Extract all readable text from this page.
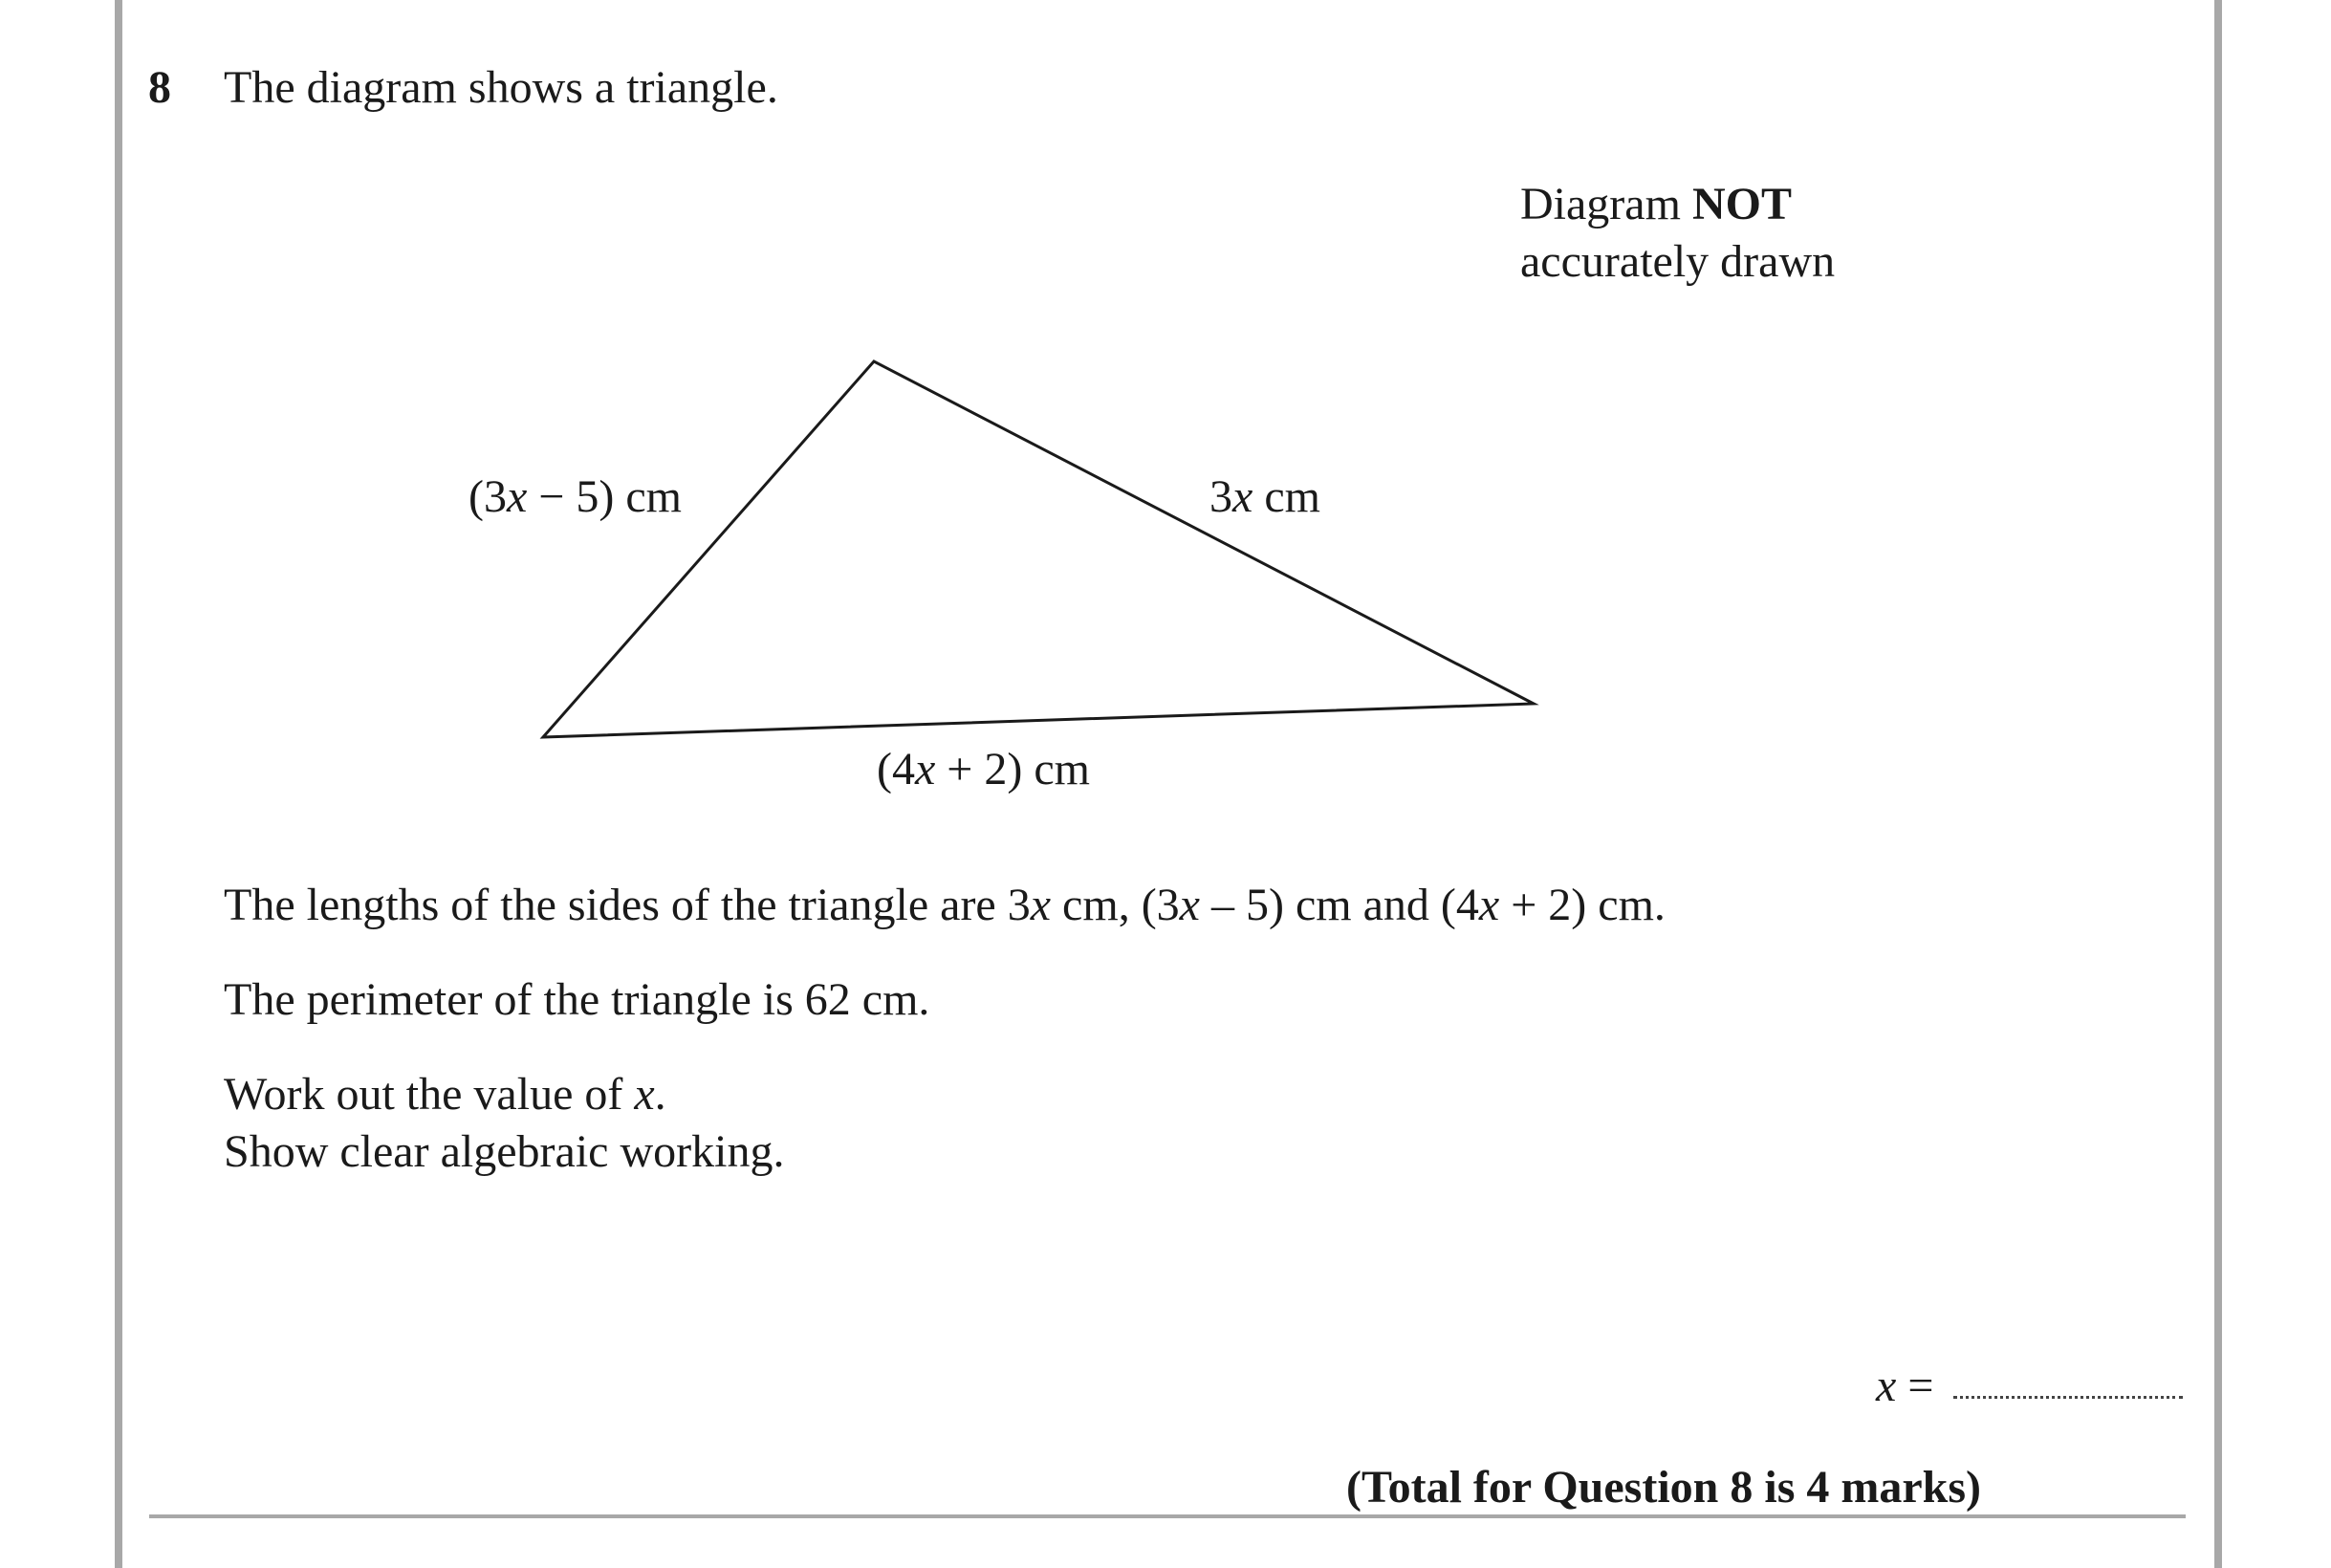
8 The diagram shows a triangle.
Diagram NOT
accurately drawn
(3x − 5) cm	3x cm
(4x + 2) cm
The lengths of the sides of the triangle are 3x cm, (3x – 5) cm and (4x + 2) cm.
The perimeter of the triangle is 62 cm.
Work out the value of x.
Show clear algebraic working.
x =
(Total for Question 8 is 4 marks)
